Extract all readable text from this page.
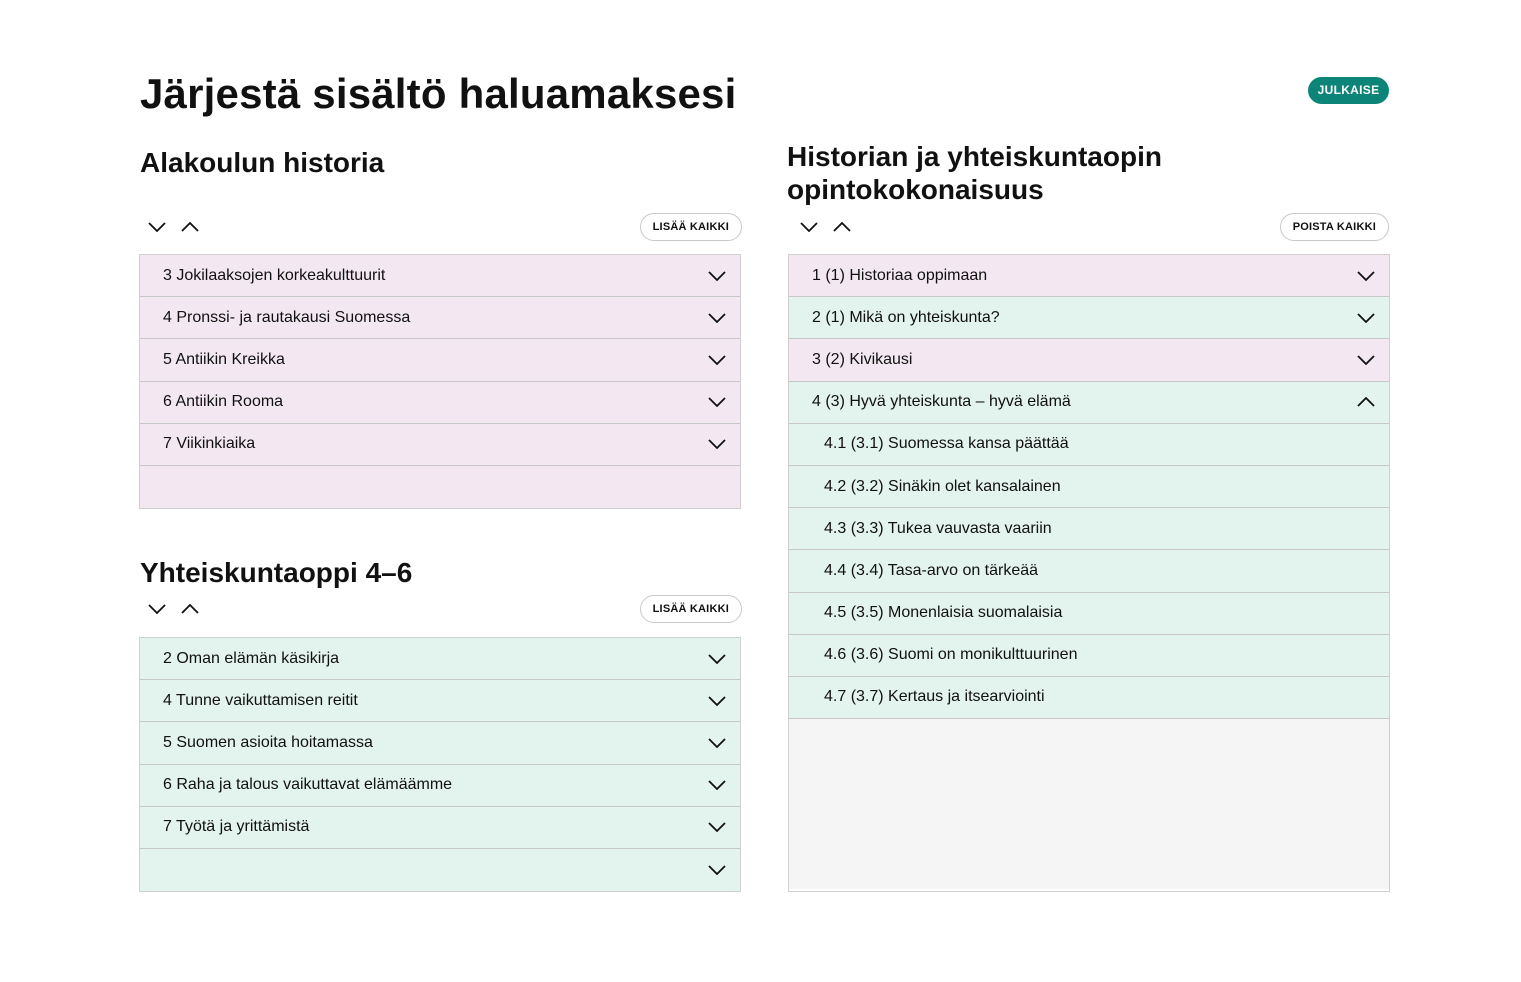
Järjestä sisältö haluamaksesi	JULKAISE
Alakoulun historia
LISÄÄ KAIKKI
3 Jokilaaksojen korkeakulttuurit
4 Pronssi- ja rautakausi Suomessa
5 Antiikin Kreikka
6 Antiikin Rooma
7 Viikinkiaika
Yhteiskuntaoppi 4–6
LISÄÄ KAIKKI
2 Oman elämän käsikirja
4 Tunne vaikuttamisen reitit
5 Suomen asioita hoitamassa
6 Raha ja talous vaikuttavat elämäämme
7 Työtä ja yrittämistä
Historian ja yhteiskuntaopin
opintokokonaisuus
POISTA KAIKKI
1 (1) Historiaa oppimaan
2 (1) Mikä on yhteiskunta?
3 (2) Kivikausi
4 (3) Hyvä yhteiskunta – hyvä elämä
4.1 (3.1) Suomessa kansa päättää
4.2 (3.2) Sinäkin olet kansalainen
4.3 (3.3) Tukea vauvasta vaariin
4.4 (3.4) Tasa-arvo on tärkeää
4.5 (3.5) Monenlaisia suomalaisia
4.6 (3.6) Suomi on monikulttuurinen
4.7 (3.7) Kertaus ja itsearviointi
